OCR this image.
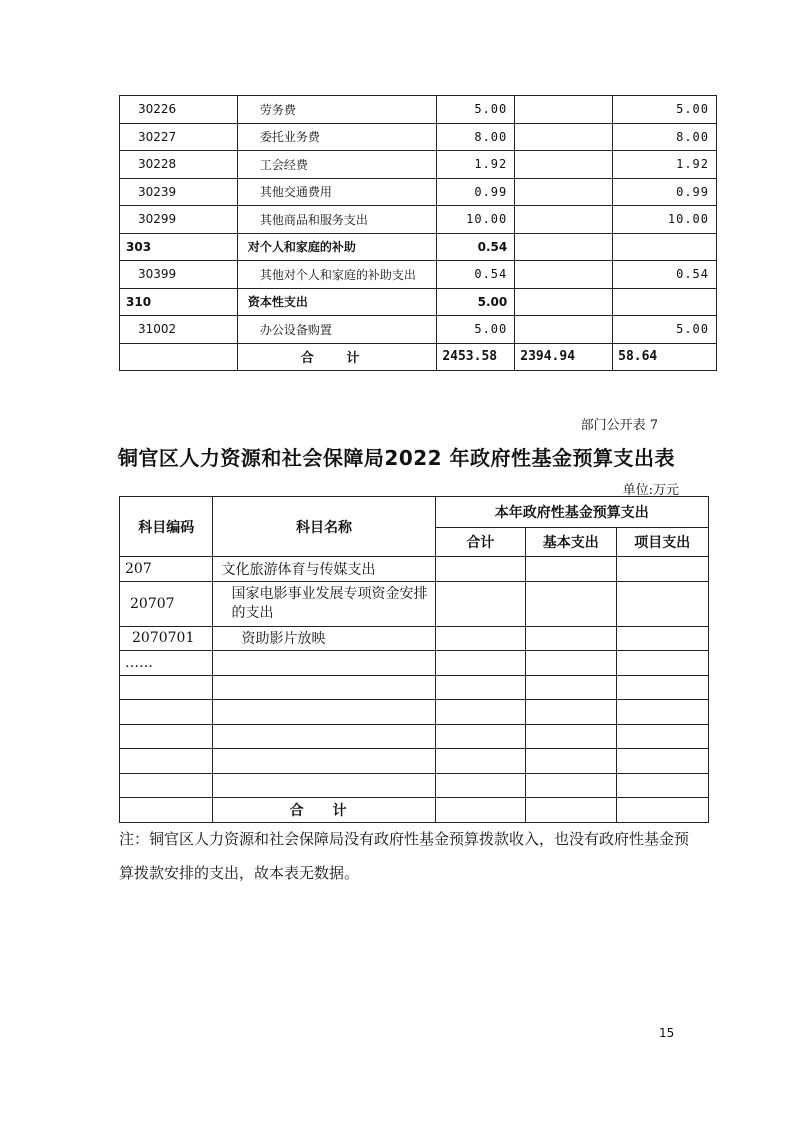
30226	劳务费	5.00		5.00
30227	委托业务费	8.00		8.00
30228	工会经费	1.92		1.92
30239	其他交通费用	0.99		0.99
30299	其他商品和服务支出	10.00		10.00
303	对个人和家庭的补助	0.54		
30399	其他对个人和家庭的补助支出	0.54		0.54
310	资本性支出	5.00		
31002	办公设备购置	5.00		5.00
	合 计	2453.58	2394.94	58.64
部门公开表 7
铜官区人力资源和社会保障局2022 年政府性基金预算支出表
单位:万元
科目编码	科目名称	本年政府性基金预算支出		
		合计	基本支出	项目支出
207	文化旅游体育与传媒支出			
20707	国家电影事业发展专项资金安排的支出			
2070701	资助影片放映			
……				

	合 计			
注：铜官区人力资源和社会保障局没有政府性基金预算拨款收入，也没有政府性基金预算拨款安排的支出，故本表无数据。
15
